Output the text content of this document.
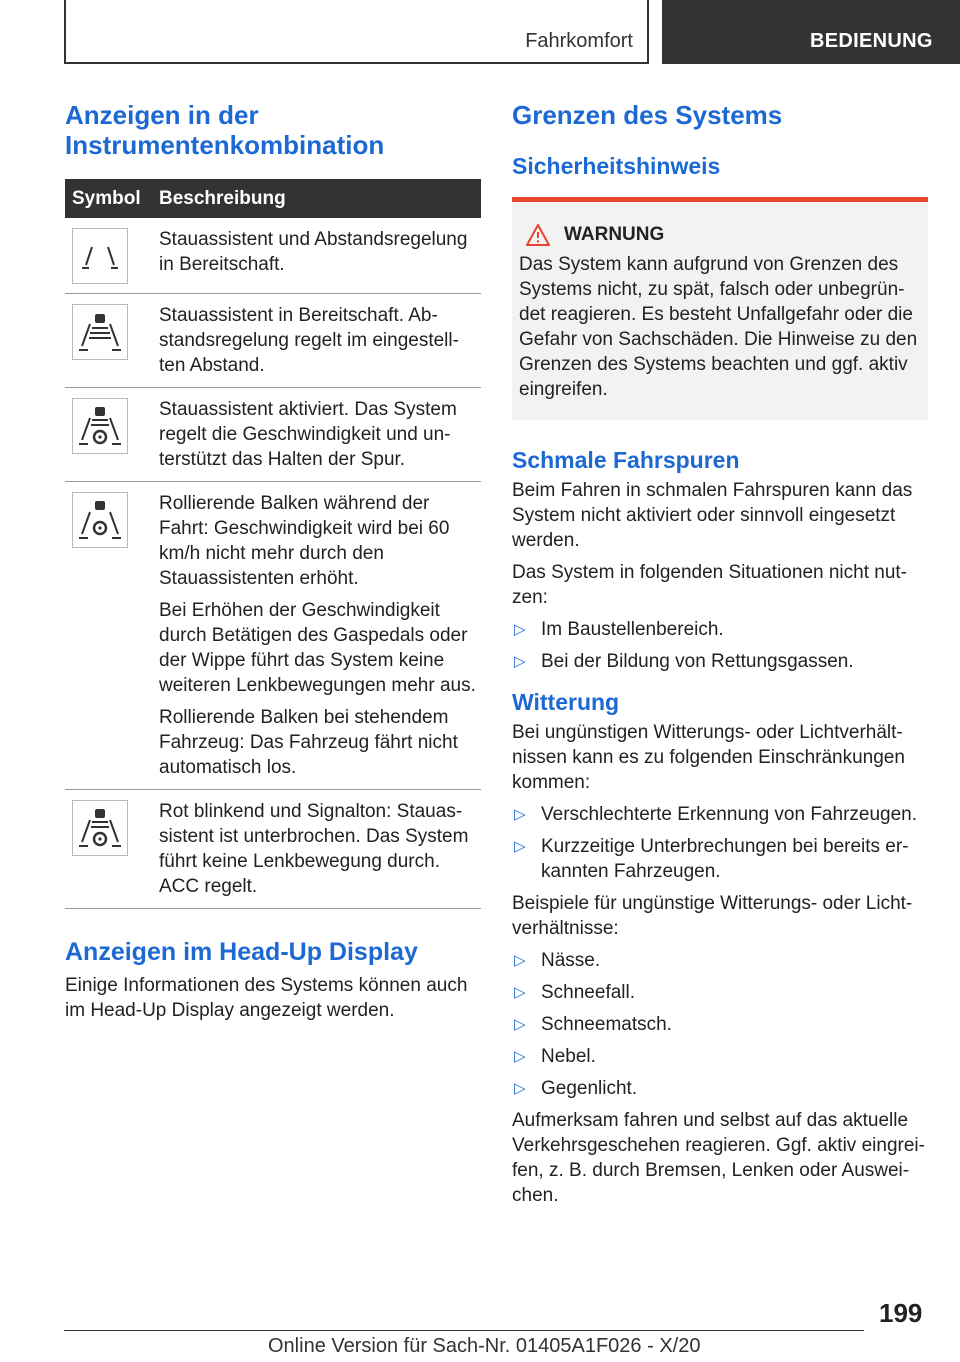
Fahrkomfort	BEDIENUNG
Anzeigen in der Instrumentenkombination
Symbol Beschreibung

Stauassistent und Abstandsregelung in Bereitschaft.

Stauassistent in Bereitschaft. Ab-standsregelung regelt im eingestell-ten Abstand.

Stauassistent aktiviert. Das System regelt die Geschwindigkeit und un-terstützt das Halten der Spur.

Rollierende Balken während der Fahrt: Geschwindigkeit wird bei 60 km/h nicht mehr durch den Stauassistenten erhöht.

Bei Erhöhen der Geschwindigkeit durch Betätigen des Gaspedals oder der Wippe führt das System keine weiteren Lenkbewegungen mehr aus.

Rollierende Balken bei stehendem Fahrzeug: Das Fahrzeug fährt nicht automatisch los.

Rot blinkend und Signalton: Stauas-sistent ist unterbrochen. Das System führt keine Lenkbewegung durch. ACC regelt.

Anzeigen im Head-Up Display

Einige Informationen des Systems können auch im Head-Up Display angezeigt werden.

Grenzen des Systems
Sicherheitshinweis
WARNUNG

Das System kann aufgrund von Grenzen des Systems nicht, zu spät, falsch oder unbegrün-det reagieren. Es besteht Unfallgefahr oder die Gefahr von Sachschäden. Die Hinweise zu den Grenzen des Systems beachten und ggf. aktiv eingreifen.

Schmale Fahrspuren

Beim Fahren in schmalen Fahrspuren kann das System nicht aktiviert oder sinnvoll eingesetzt werden.

Das System in folgenden Situationen nicht nut-zen:

▷ Im Baustellenbereich.
▷ Bei der Bildung von Rettungsgassen.
Witterung

Bei ungünstigen Witterungs- oder Lichtverhält-nissen kann es zu folgenden Einschränkungen kommen:

▷ Verschlechterte Erkennung von Fahrzeugen.
▷ Kurzzeitige Unterbrechungen bei bereits er-kannten Fahrzeugen.

Beispiele für ungünstige Witterungs- oder Licht-verhältnisse:

▷ Nässe.
▷ Schneefall.
▷ Schneematsch.
▷ Nebel.
▷ Gegenlicht.

Aufmerksam fahren und selbst auf das aktuelle Verkehrsgeschehen reagieren. Ggf. aktiv eingrei-fen, z. B. durch Bremsen, Lenken oder Auswei-chen.

199
Online Version für Sach-Nr. 01405A1F026 - X/20
